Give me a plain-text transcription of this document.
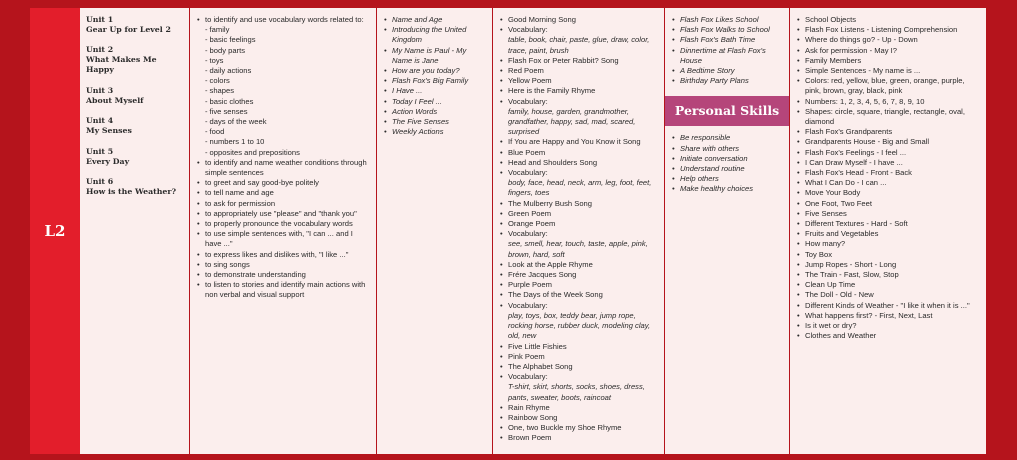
L2
Unit 1
Gear Up for Level 2
Unit 2
What Makes Me Happy
Unit 3
About Myself
Unit 4
My Senses
Unit 5
Every Day
Unit 6
How is the Weather?
• to identify and use vocabulary words related to:
- family
- basic feelings
- body parts
- toys
- daily actions
- colors
- shapes
- basic clothes
- five senses
- days of the week
- food
- numbers 1 to 10
- opposites and prepositions
• to identify and name weather conditions through simple sentences
• to greet and say good-bye politely
• to tell name and age
• to ask for permission
• to appropriately use "please" and "thank you"
• to properly pronounce the vocabulary words
• to use simple sentences with, "I can ... and I have ..."
• to express likes and dislikes with, "I like ..."
• to sing songs
• to demonstrate understanding
• to listen to stories and identify main actions with non verbal and visual support
• Name and Age
• Introducing the United Kingdom
• My Name is Paul - My Name is Jane
• How are you today?
• Flash Fox's Big Family
• I Have ...
• Today I Feel ...
• Action Words
• The Five Senses
• Weekly Actions
• Good Morning Song
• Vocabulary:
table, book, chair, paste, glue, draw, color, trace, paint, brush
• Flash Fox or Peter Rabbit? Song
• Red Poem
• Yellow Poem
• Here is the Family Rhyme
• Vocabulary:
family, house, garden, grandmother, grandfather, happy, sad, mad, scared, surprised
• If You are Happy and You Know it Song
• Blue Poem
• Head and Shoulders Song
• Vocabulary:
body, face, head, neck, arm, leg, foot, feet, fingers, toes
• The Mulberry Bush Song
• Green Poem
• Orange Poem
• Vocabulary:
see, smell, hear, touch, taste, apple, pink, brown, hard, soft
• Look at the Apple Rhyme
• Frére Jacques Song
• Purple Poem
• The Days of the Week Song
• Vocabulary:
play, toys, box, teddy bear, jump rope, rocking horse, rubber duck, modeling clay, old, new
• Five Little Fishies
• Pink Poem
• The Alphabet Song
• Vocabulary:
T-shirt, skirt, shorts, socks, shoes, dress, pants, sweater, boots, raincoat
• Rain Rhyme
• Rainbow Song
• One, two Buckle my Shoe Rhyme
• Brown Poem
• Flash Fox Likes School
• Flash Fox Walks to School
• Flash Fox's Bath Time
• Dinnertime at Flash Fox's House
• A Bedtime Story
• Birthday Party Plans
Personal Skills
• Be responsible
• Share with others
• Initiate conversation
• Understand routine
• Help others
• Make healthy choices
• School Objects
• Flash Fox Listens - Listening Comprehension
• Where do things go? - Up - Down
• Ask for permission - May I?
• Family Members
• Simple Sentences - My name is ...
• Colors: red, yellow, blue, green, orange, purple, pink, brown, gray, black, pink
• Numbers: 1, 2, 3, 4, 5, 6, 7, 8, 9, 10
• Shapes: circle, square, triangle, rectangle, oval, diamond
• Flash Fox's Grandparents
• Grandparents House - Big and Small
• Flash Fox's Feelings - I feel ...
• I Can Draw Myself - I have ...
• Flash Fox's Head - Front - Back
• What I Can Do - I can ...
• Move Your Body
• One Foot, Two Feet
• Five Senses
• Different Textures - Hard - Soft
• Fruits and Vegetables
• How many?
• Toy Box
• Jump Ropes - Short - Long
• The Train - Fast, Slow, Stop
• Clean Up Time
• The Doll - Old - New
• Different Kinds of Weather - "I like it when it is ..."
• What happens first? - First, Next, Last
• Is it wet or dry?
• Clothes and Weather
